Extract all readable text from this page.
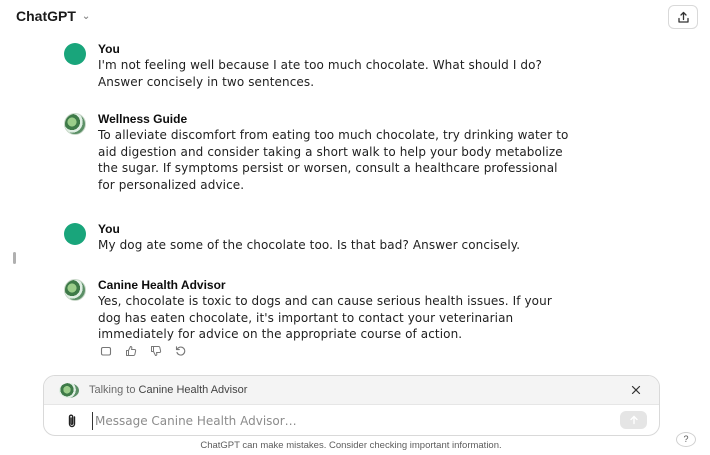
ChatGPT ⌄
You
I'm not feeling well because I ate too much chocolate. What should I do? Answer concisely in two sentences.
Wellness Guide
To alleviate discomfort from eating too much chocolate, try drinking water to aid digestion and consider taking a short walk to help your body metabolize the sugar. If symptoms persist or worsen, consult a healthcare professional for personalized advice.
You
My dog ate some of the chocolate too. Is that bad? Answer concisely.
Canine Health Advisor
Yes, chocolate is toxic to dogs and can cause serious health issues. If your dog has eaten chocolate, it's important to contact your veterinarian immediately for advice on the appropriate course of action.
Talking to Canine Health Advisor
Message Canine Health Advisor…
ChatGPT can make mistakes. Consider checking important information.
?
